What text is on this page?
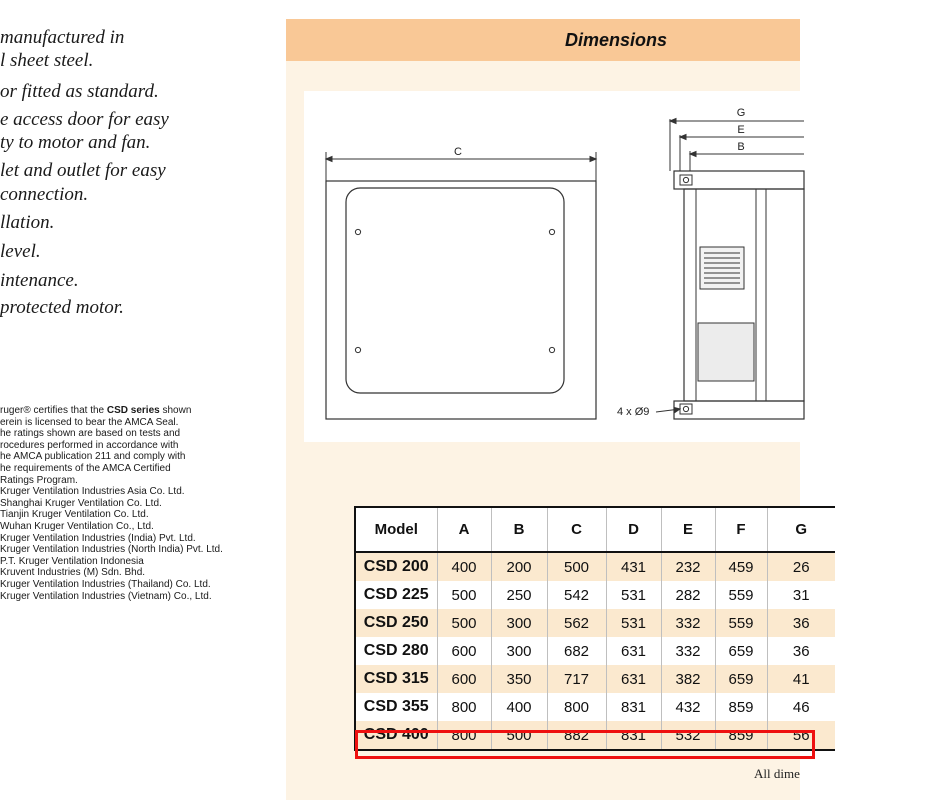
manufactured in
l sheet steel.
or fitted as standard.
e access door for easy
ty to motor and fan.
let and outlet for easy
connection.
llation.
level.
intenance.
protected motor.
ruger® certifies that the CSD series shown
erein is licensed to bear the AMCA Seal.
he ratings shown are based on tests and
rocedures performed in accordance with
he AMCA publication 211 and comply with
he requirements of the AMCA Certified
Ratings Program.
Kruger Ventilation Industries Asia Co. Ltd.
Shanghai Kruger Ventilation Co. Ltd.
Tianjin Kruger Ventilation Co. Ltd.
Wuhan Kruger Ventilation Co., Ltd.
Kruger Ventilation Industries (India) Pvt. Ltd.
Kruger Ventilation Industries (North India) Pvt. Ltd.
P.T. Kruger Ventilation Indonesia
Kruvent Industries (M) Sdn. Bhd.
Kruger Ventilation Industries (Thailand) Co. Ltd.
Kruger Ventilation Industries (Vietnam) Co., Ltd.
Dimensions
C
G
E
B
4 x Ø9
Model	A	B	C	D	E	F	G
CSD 200	400	200	500	431	232	459	26
CSD 225	500	250	542	531	282	559	31
CSD 250	500	300	562	531	332	559	36
CSD 280	600	300	682	631	332	659	36
CSD 315	600	350	717	631	382	659	41
CSD 355	800	400	800	831	432	859	46
CSD 400	800	500	882	831	532	859	56
All dime
